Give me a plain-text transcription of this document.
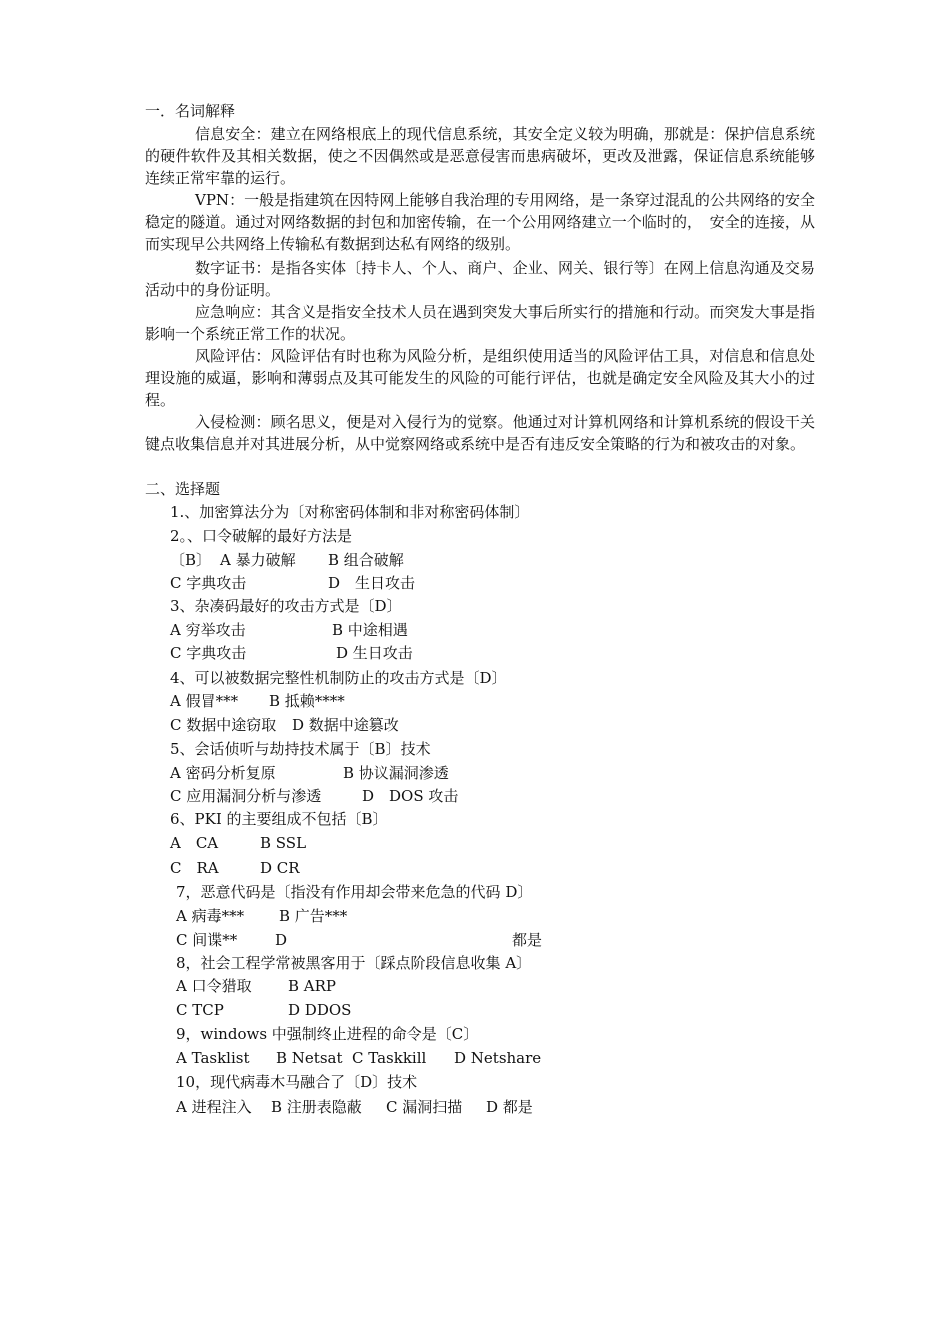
一．名词解释

信息安全：建立在网络根底上的现代信息系统，其安全定义较为明确，那就是：保护信息系统的硬件软件及其相关数据，使之不因偶然或是恶意侵害而患病破坏，更改及泄露，保证信息系统能够连续正常牢靠的运行。

VPN：一般是指建筑在因特网上能够自我治理的专用网络，是一条穿过混乱的公共网络的安全稳定的隧道。通过对网络数据的封包和加密传输，在一个公用网络建立一个临时的，　安全的连接，从而实现早公共网络上传输私有数据到达私有网络的级别。

数字证书：是指各实体〔持卡人、个人、商户、企业、网关、银行等〕在网上信息沟通及交易活动中的身份证明。

应急响应：其含义是指安全技术人员在遇到突发大事后所实行的措施和行动。而突发大事是指影响一个系统正常工作的状况。

风险评估：风险评估有时也称为风险分析，是组织使用适当的风险评估工具，对信息和信息处理设施的威逼，影响和薄弱点及其可能发生的风险的可能行评估，也就是确定安全风险及其大小的过程。

入侵检测：顾名思义，便是对入侵行为的觉察。他通过对计算机网络和计算机系统的假设干关键点收集信息并对其进展分析，从中觉察网络或系统中是否有违反安全策略的行为和被攻击的对象。

二、选择题

1.、加密算法分为〔对称密码体制和非对称密码体制〕

2。、口令破解的最好方法是

〔B〕 A 暴力破解 B 组合破解
C 字典攻击	D　生日攻击

3、杂凑码最好的攻击方式是〔D〕

A 穷举攻击	B 中途相遇
C 字典攻击	D 生日攻击

4、可以被数据完整性机制防止的攻击方式是〔D〕

A 假冒*** B 抵赖****
C 数据中途窃取 D 数据中途篡改

5、会话侦听与劫持技术属于〔B〕技术

A 密码分析复原	B 协议漏洞渗透
C 应用漏洞分析与渗透	D　DOS 攻击

6、PKI 的主要组成不包括〔B〕

A　CA	B SSL
C　RA	D CR

7，恶意代码是〔指没有作用却会带来危急的代码 D〕

A 病毒*** B 广告***
C 间谍**	D	都是

8，社会工程学常被黑客用于〔踩点阶段信息收集 A〕

A 口令猎取 B ARP
C TCP	D DDOS

9，windows 中强制终止进程的命令是〔C〕

A Tasklist B Netsat C Taskkill D Netshare

10，现代病毒木马融合了〔D〕技术

A 进程注入 B 注册表隐蔽 C 漏洞扫描 D 都是
